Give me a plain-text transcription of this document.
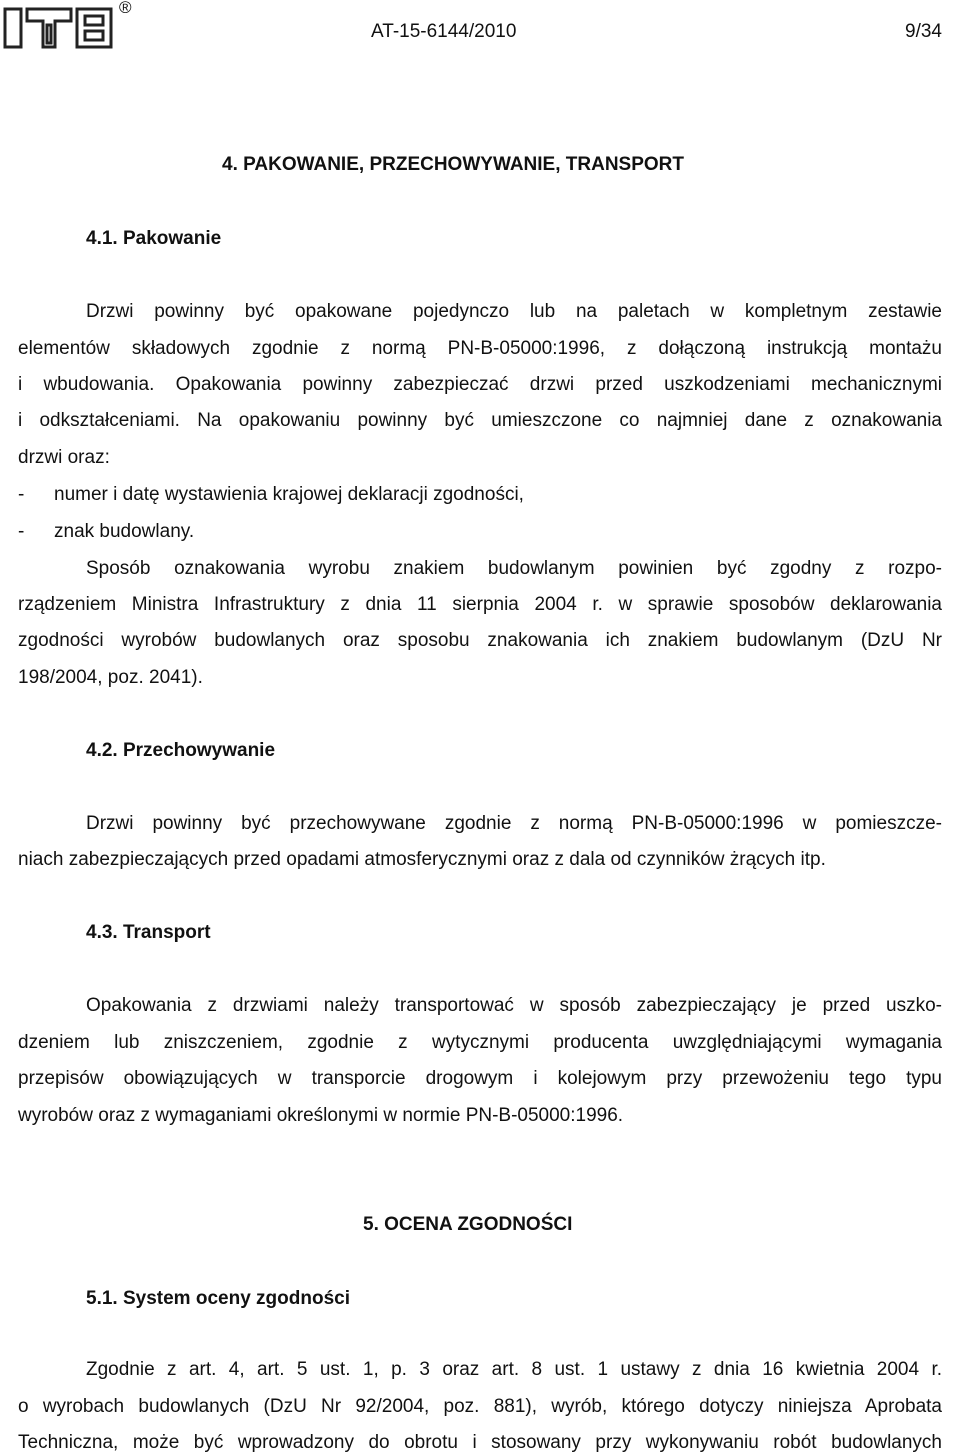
®
AT-15-6144/2010	9/34
4. PAKOWANIE, PRZECHOWYWANIE, TRANSPORT
4.1. Pakowanie
Drzwi powinny być opakowane pojedynczo lub na paletach w kompletnym zestawie
elementów składowych zgodnie z normą PN-B-05000:1996, z dołączoną instrukcją montażu
i wbudowania. Opakowania powinny zabezpieczać drzwi przed uszkodzeniami mechanicznymi
i odkształceniami. Na opakowaniu powinny być umieszczone co najmniej dane z oznakowania
drzwi oraz:
- numer i datę wystawienia krajowej deklaracji zgodności,
- znak budowlany.
Sposób oznakowania wyrobu znakiem budowlanym powinien być zgodny z rozpo-
rządzeniem Ministra Infrastruktury z dnia 11 sierpnia 2004 r. w sprawie sposobów deklarowania
zgodności wyrobów budowlanych oraz sposobu znakowania ich znakiem budowlanym (DzU Nr
198/2004, poz. 2041).
4.2. Przechowywanie
Drzwi powinny być przechowywane zgodnie z normą PN-B-05000:1996 w pomieszcze-
niach zabezpieczających przed opadami atmosferycznymi oraz z dala od czynników żrących itp.
4.3. Transport
Opakowania z drzwiami należy transportować w sposób zabezpieczający je przed uszko-
dzeniem lub zniszczeniem, zgodnie z wytycznymi producenta uwzględniającymi wymagania
przepisów obowiązujących w transporcie drogowym i kolejowym przy przewożeniu tego typu
wyrobów oraz z wymaganiami określonymi w normie PN-B-05000:1996.
5. OCENA ZGODNOŚCI
5.1. System oceny zgodności
Zgodnie z art. 4, art. 5 ust. 1, p. 3 oraz art. 8 ust. 1 ustawy z dnia 16 kwietnia 2004 r.
o wyrobach budowlanych (DzU Nr 92/2004, poz. 881), wyrób, którego dotyczy niniejsza Aprobata
Techniczna, może być wprowadzony do obrotu i stosowany przy wykonywaniu robót budowlanych
